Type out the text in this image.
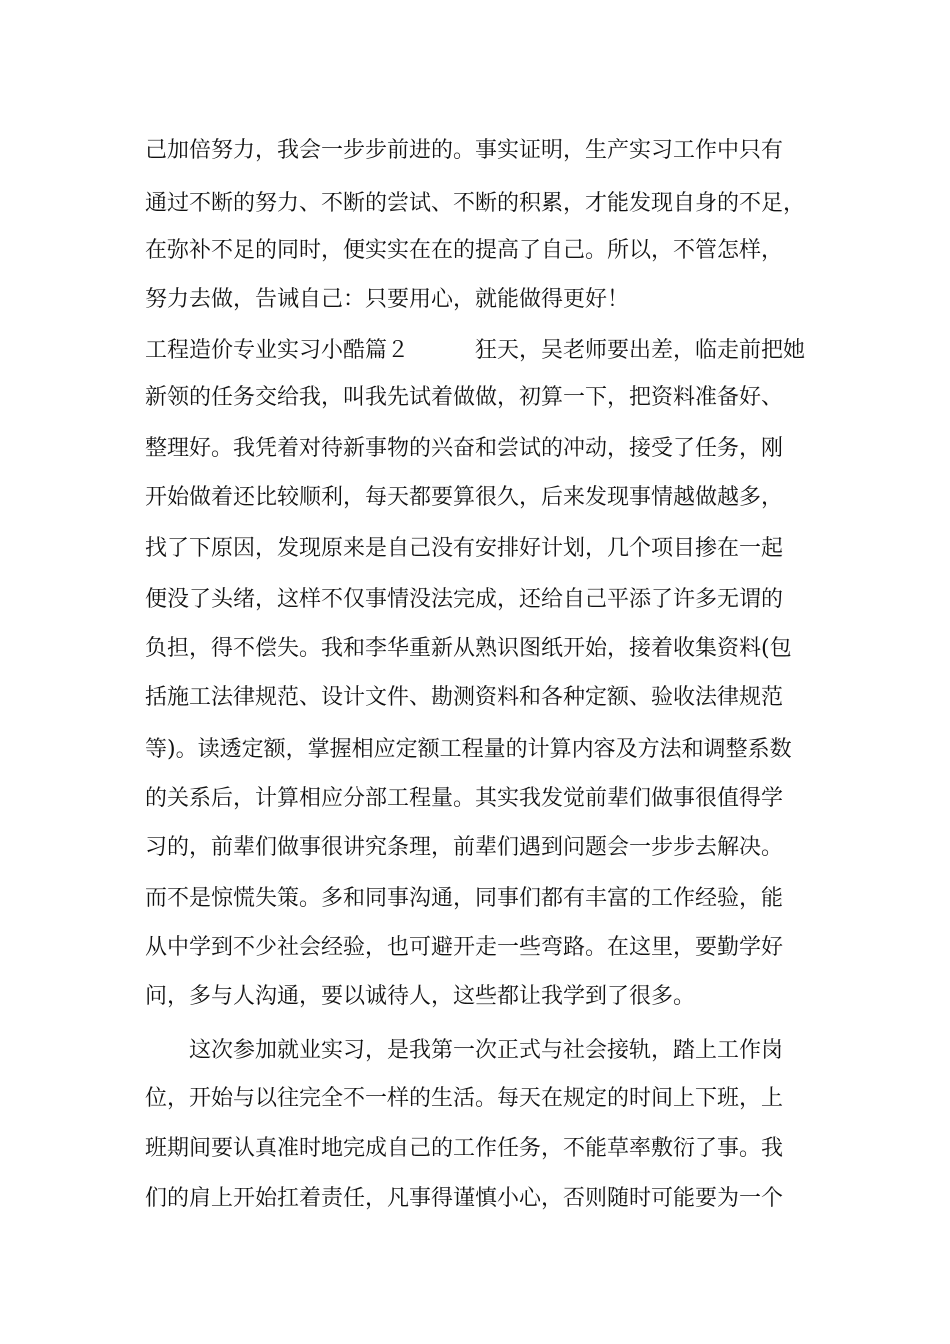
己加倍努力，我会一步步前进的。事实证明，生产实习工作中只有
通过不断的努力、不断的尝试、不断的积累，才能发现自身的不足，
在弥补不足的同时，便实实在在的提高了自己。所以，不管怎样，
努力去做，告诫自己：只要用心，就能做得更好！
工程造价专业实习小酷篇２　　　狂天，吴老师要出差，临走前把她
新领的任务交给我，叫我先试着做做，初算一下，把资料准备好、
整理好。我凭着对待新事物的兴奋和尝试的冲动，接受了任务，刚
开始做着还比较顺利，每天都要算很久，后来发现事情越做越多，
找了下原因，发现原来是自己没有安排好计划，几个项目掺在一起
便没了头绪，这样不仅事情没法完成，还给自己平添了许多无谓的
负担，得不偿失。我和李华重新从熟识图纸开始，接着收集资料(包
括施工法律规范、设计文件、勘测资料和各种定额、验收法律规范
等)。读透定额，掌握相应定额工程量的计算内容及方法和调整系数
的关系后，计算相应分部工程量。其实我发觉前辈们做事很值得学
习的，前辈们做事很讲究条理，前辈们遇到问题会一步步去解决。
而不是惊慌失策。多和同事沟通，同事们都有丰富的工作经验，能
从中学到不少社会经验，也可避开走一些弯路。在这里，要勤学好
问，多与人沟通，要以诚待人，这些都让我学到了很多。
　　这次参加就业实习，是我第一次正式与社会接轨，踏上工作岗
位，开始与以往完全不一样的生活。每天在规定的时间上下班，上
班期间要认真准时地完成自己的工作任务，不能草率敷衍了事。我
们的肩上开始扛着责任，凡事得谨慎小心，否则随时可能要为一个
